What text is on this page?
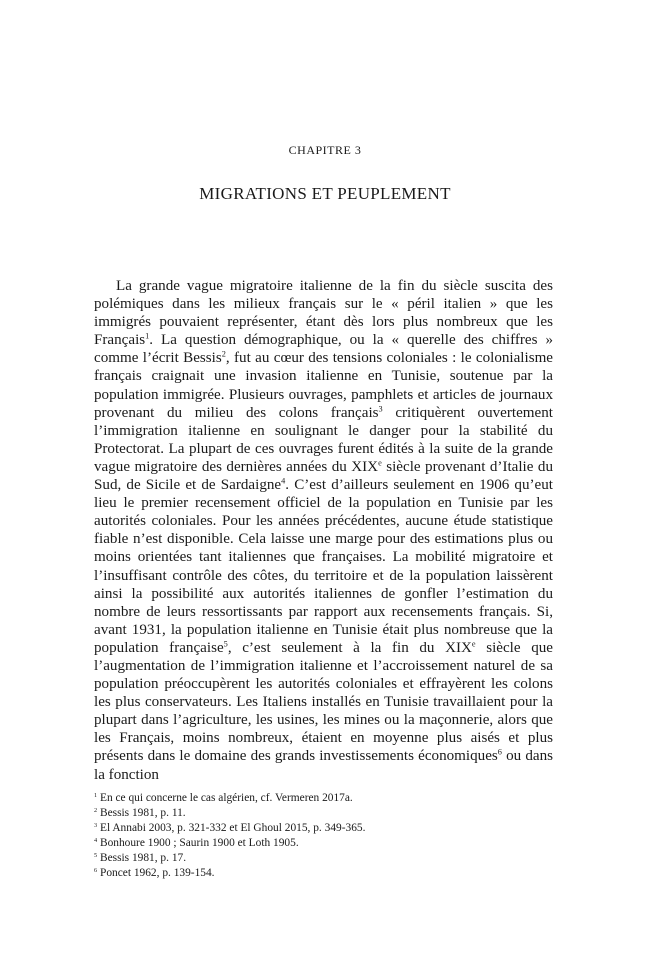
CHAPITRE 3
MIGRATIONS ET PEUPLEMENT

La grande vague migratoire italienne de la fin du siècle suscita des polémiques dans les milieux français sur le « péril italien » que les immigrés pouvaient représenter, étant dès lors plus nombreux que les Français$^1$. La question démographique, ou la « querelle des chiffres » comme l’écrit Bessis$^2$, fut au cœur des tensions coloniales : le colonialisme français craignait une invasion italienne en Tunisie, soutenue par la population immigrée. Plusieurs ouvrages, pamphlets et articles de journaux provenant du milieu des colons français$^3$ critiquèrent ouvertement l’immigration italienne en soulignant le danger pour la stabilité du Protectorat. La plupart de ces ouvrages furent édités à la suite de la grande vague migratoire des dernières années du XIXe siècle provenant d’Italie du Sud, de Sicile et de Sardaigne$^4$. C’est d’ailleurs seulement en 1906 qu’eut lieu le premier recensement officiel de la population en Tunisie par les autorités coloniales. Pour les années précédentes, aucune étude statistique fiable n’est disponible. Cela laisse une marge pour des estimations plus ou moins orientées tant italiennes que françaises. La mobilité migratoire et l’insuffisant contrôle des côtes, du territoire et de la population laissèrent ainsi la possibilité aux autorités italiennes de gonfler l’estimation du nombre de leurs ressortissants par rapport aux recensements français. Si, avant 1931, la population italienne en Tunisie était plus nombreuse que la population française$^5$, c’est seulement à la fin du XIXe siècle que l’augmentation de l’immigration italienne et l’accroissement naturel de sa population préoccupèrent les autorités coloniales et effrayèrent les colons les plus conservateurs. Les Italiens installés en Tunisie travaillaient pour la plupart dans l’agriculture, les usines, les mines ou la maçonnerie, alors que les Français, moins nombreux, étaient en moyenne plus aisés et plus présents dans le domaine des grands investissements économiques$^6$ ou dans la fonction

$^1$ En ce qui concerne le cas algérien, cf. Vermeren 2017a.

$^2$ Bessis 1981, p. 11.

$^3$ El Annabi 2003, p. 321-332 et El Ghoul 2015, p. 349-365.

$^4$ Bonhoure 1900 ; Saurin 1900 et Loth 1905.

$^5$ Bessis 1981, p. 17.

$^6$ Poncet 1962, p. 139-154.
